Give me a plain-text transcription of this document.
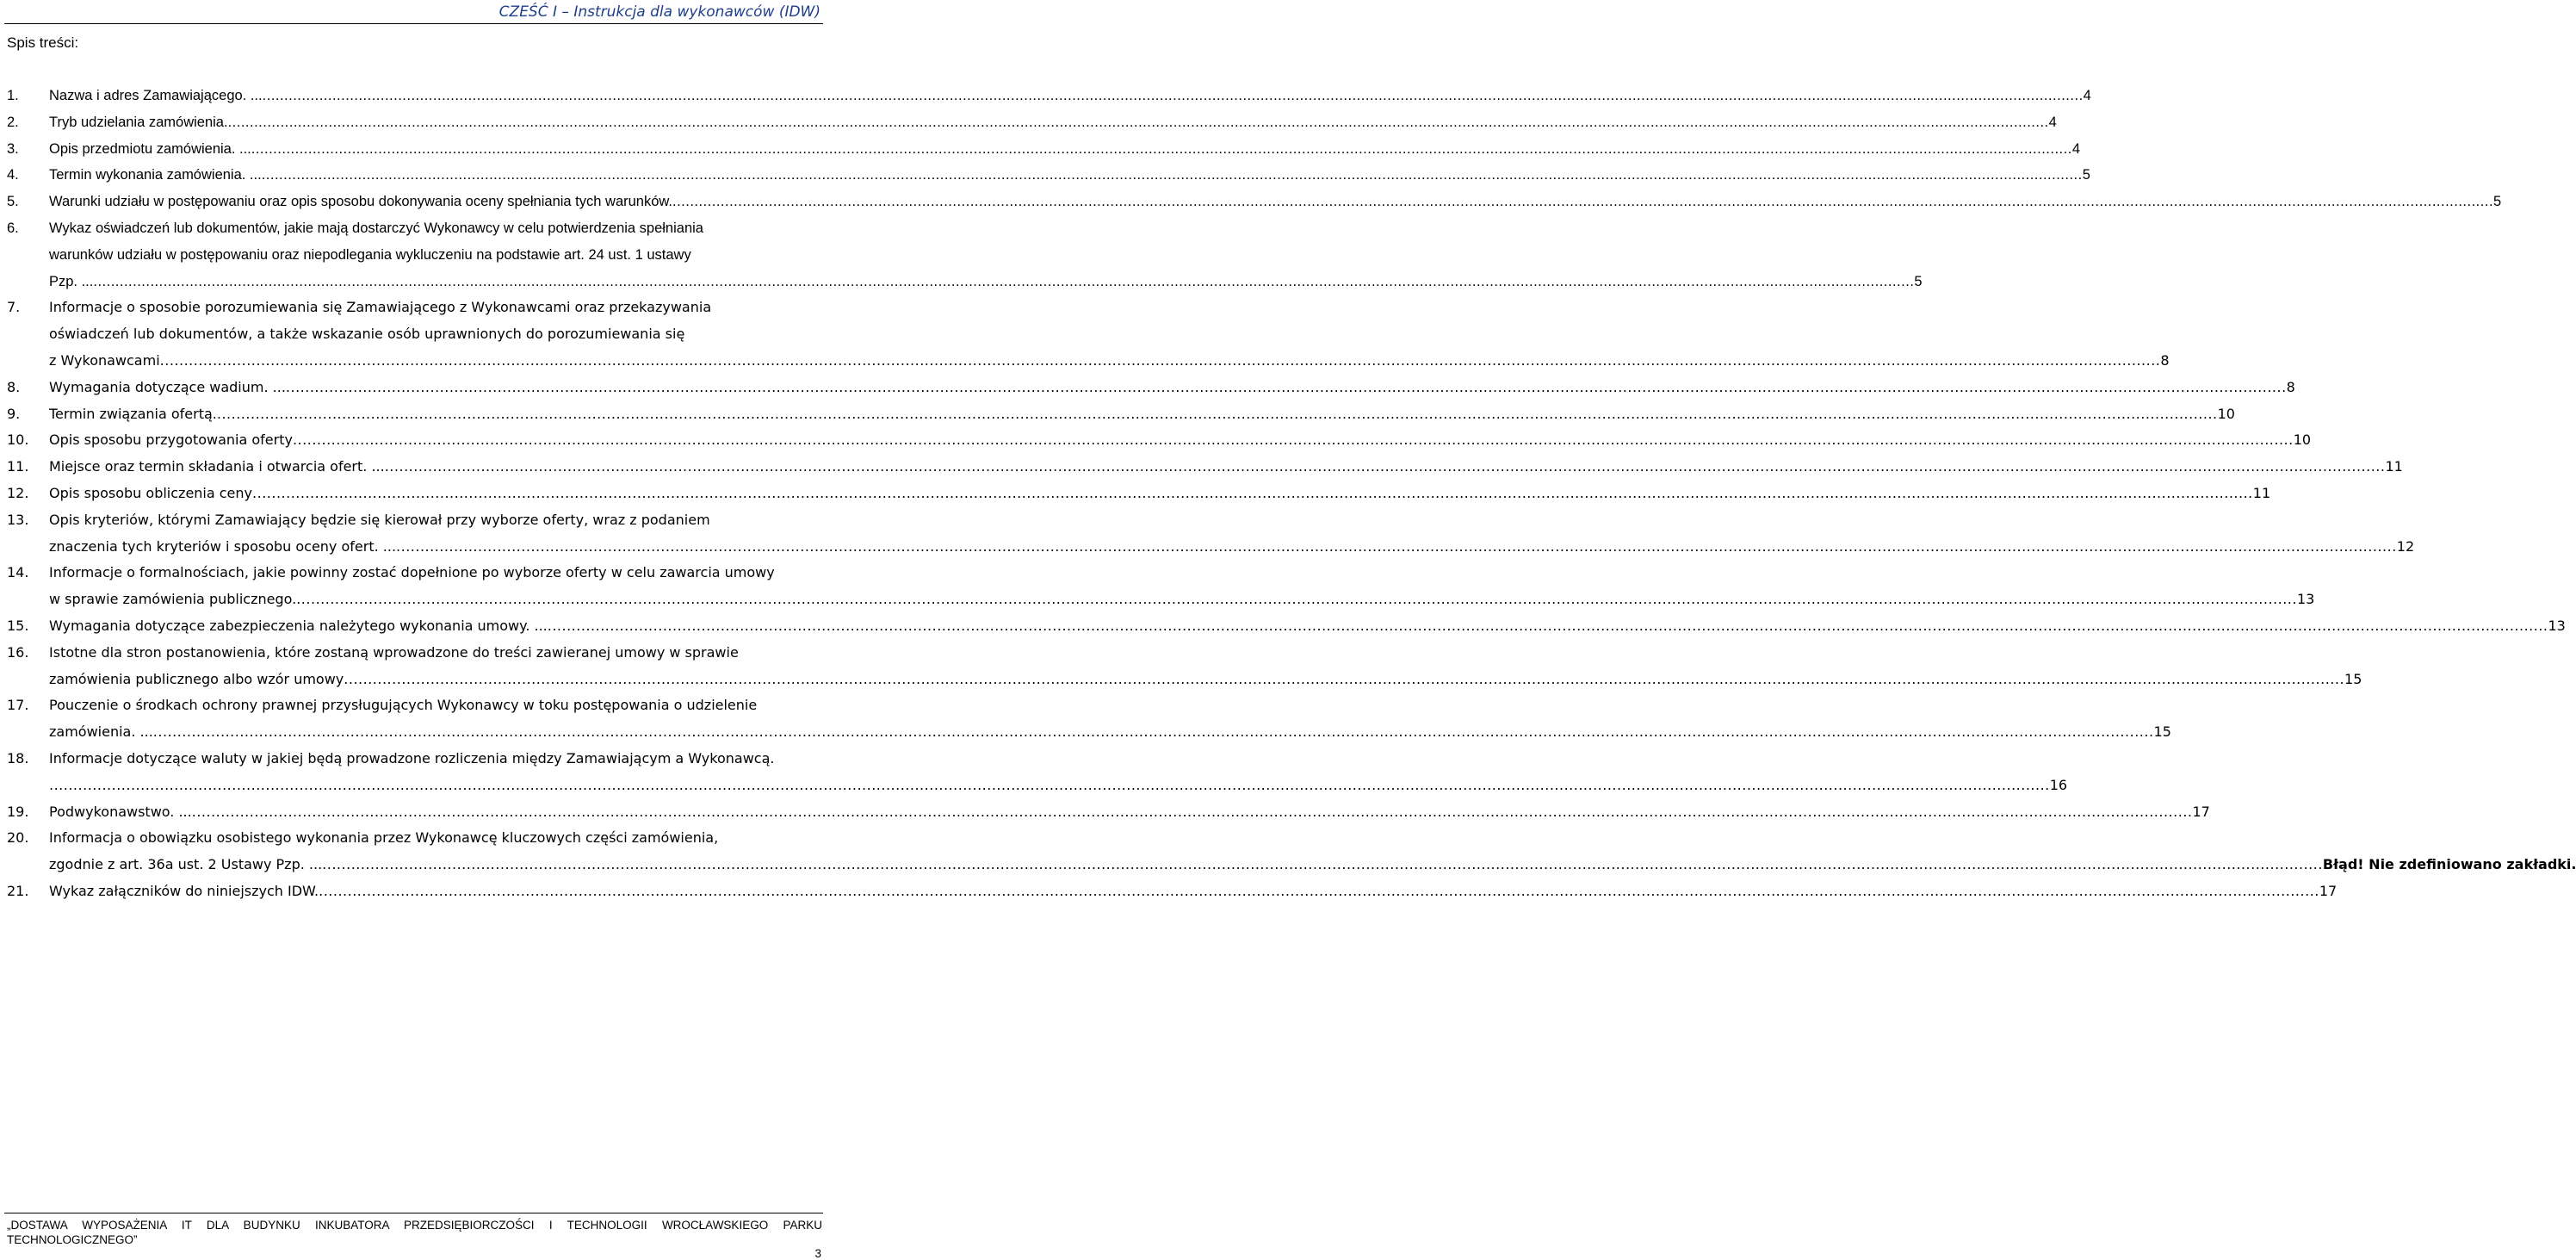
CZEŚĆ I – Instrukcja dla wykonawców (IDW)
Spis treści:
1. Nazwa i adres Zamawiającego. ... .....	4
2. Tryb udzielania zamówienia. .....	4
3. Opis przedmiotu zamówienia. ... .....	4
4. Termin wykonania zamówienia. ... .....	5
5. Warunki udziału w postępowaniu oraz opis sposobu dokonywania oceny spełniania tych warunków. .....	5
6. Wykaz oświadczeń lub dokumentów, jakie mają dostarczyć Wykonawcy w celu potwierdzenia spełniania
warunków udziału w postępowaniu oraz niepodlegania wykluczeniu na podstawie art. 24 ust. 1 ustawy
Pzp. ... .....	5
7. Informacje o sposobie porozumiewania się Zamawiającego z Wykonawcami oraz przekazywania
oświadczeń lub dokumentów, a także wskazanie osób uprawnionych do porozumiewania się
z Wykonawcami .....	8
8. Wymagania dotyczące wadium. ... .....	8
9. Termin związania ofertą. .....	10
10. Opis sposobu przygotowania oferty .....	10
11. Miejsce oraz termin składania i otwarcia ofert. ... .....	11
12. Opis sposobu obliczenia ceny .....	11
13. Opis kryteriów, którymi Zamawiający będzie się kierował przy wyborze oferty, wraz z podaniem
znaczenia tych kryteriów i sposobu oceny ofert. ... .....	12
14. Informacje o formalnościach, jakie powinny zostać dopełnione po wyborze oferty w celu zawarcia umowy
w sprawie zamówienia publicznego. .....	13
15. Wymagania dotyczące zabezpieczenia należytego wykonania umowy. ... .....	13
16. Istotne dla stron postanowienia, które zostaną wprowadzone do treści zawieranej umowy w sprawie
zamówienia publicznego albo wzór umowy .....	15
17. Pouczenie o środkach ochrony prawnej przysługujących Wykonawcy w toku postępowania o udzielenie
zamówienia. ... .....	15
18. Informacje dotyczące waluty w jakiej będą prowadzone rozliczenia między Zamawiającym a Wykonawcą.
.....16
19. Podwykonawstwo. ... .....	17
20. Informacja o obowiązku osobistego wykonania przez Wykonawcę kluczowych części zamówienia,
zgodnie z art. 36a ust. 2 Ustawy Pzp. ... .....	Błąd! Nie zdefiniowano zakładki.
21. Wykaz załączników do niniejszych IDW. .....	17
„DOSTAWA WYPOSAŻENIA IT DLA BUDYNKU INKUBATORA PRZEDSIĘBIORCZOŚCI I TECHNOLOGII WROCŁAWSKIEGO PARKU TECHNOLOGICZNEGO”
3
